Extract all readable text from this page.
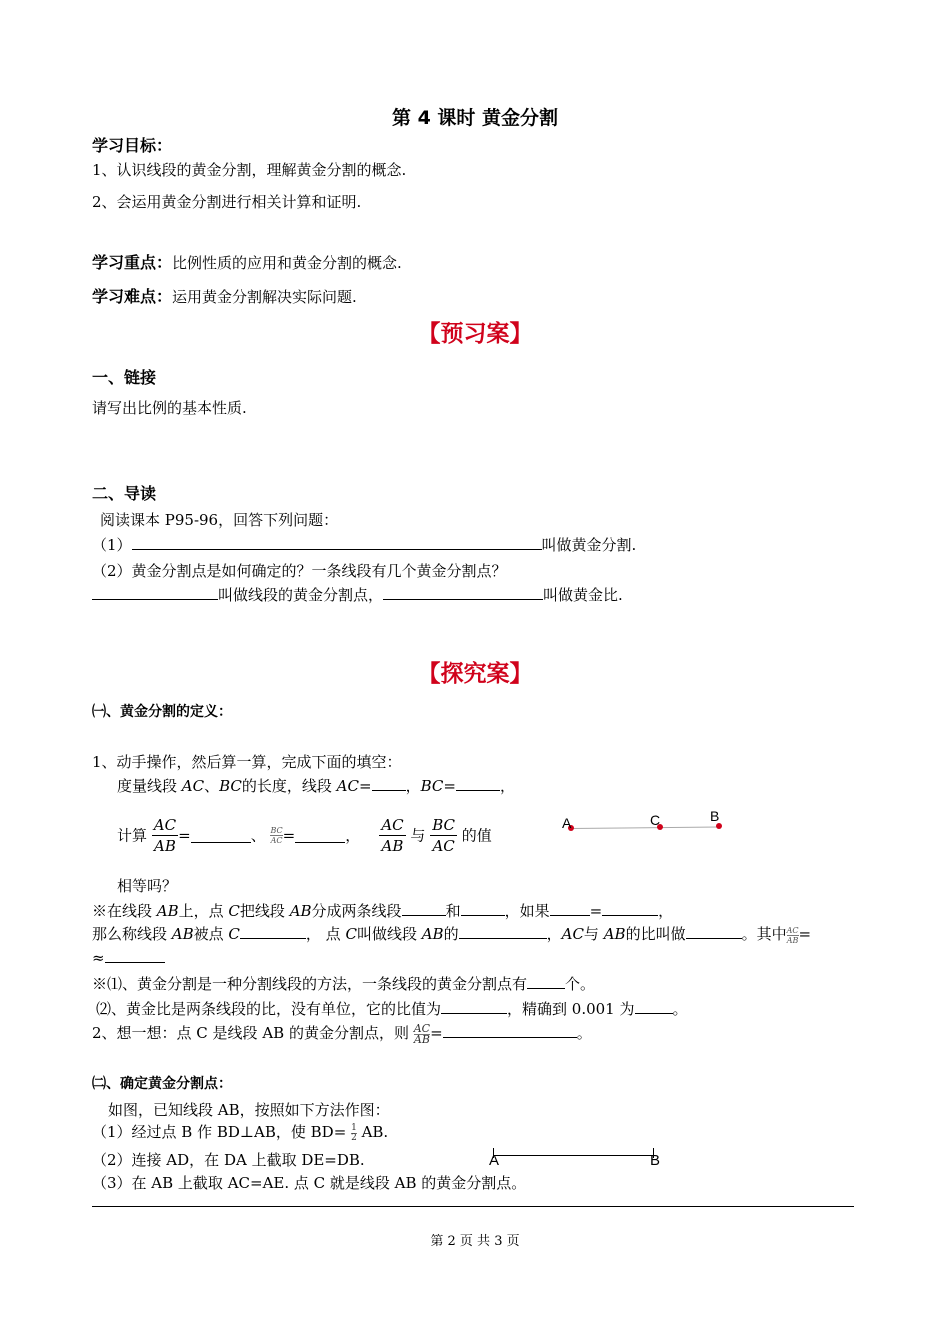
第 4 课时 黄金分割
学习目标：
1、认识线段的黄金分割，理解黄金分割的概念.
2、会运用黄金分割进行相关计算和证明.
学习重点：比例性质的应用和黄金分割的概念.
学习难点：运用黄金分割解决实际问题.
【预习案】
一、链接
请写出比例的基本性质.
二、导读
阅读课本 P95-96，回答下列问题：
（1）	叫做黄金分割.
（2）黄金分割点是如何确定的？一条线段有几个黄金分割点？
叫做线段的黄金分割点，	叫做黄金比.
【探究案】
㈠、黄金分割的定义：
1、动手操作，然后算一算，完成下面的填空：
度量线段 AC、BC的长度，线段 AC= ，BC=	，
计算 $\frac{AC}{AB}$ =	、 $\frac{BC}{AC}$ =	， $\frac{AC}{AB}$ 与 $\frac{BC}{AC}$ 的值
A	C	B
相等吗？
※在线段 AB上，点 C把线段 AB分成两条线段	和	，如果	=	，
那么称线段 AB被点 C	， 点 C叫做线段 AB的	，AC与 AB的比叫做	。其中 $\frac{AC}{AB}$ =
≈
※⑴、黄金分割是一种分割线段的方法，一条线段的黄金分割点有	个。
⑵、黄金比是两条线段的比，没有单位，它的比值为	，精确到 0.001 为	。
2、想一想：点 C 是线段 AB 的黄金分割点，则 $\frac{AC}{AB}$ =	。
㈡、确定黄金分割点：
如图，已知线段 AB，按照如下方法作图：
（1）经过点 B 作 BD⊥AB，使 $BD= \frac{1}{2}$ AB.
（2）连接 AD，在 DA 上截取 DE=DB.
（3）在 AB 上截取 AC=AE. 点 C 就是线段 AB 的黄金分割点。
A	B
第 2 页 共 3 页
